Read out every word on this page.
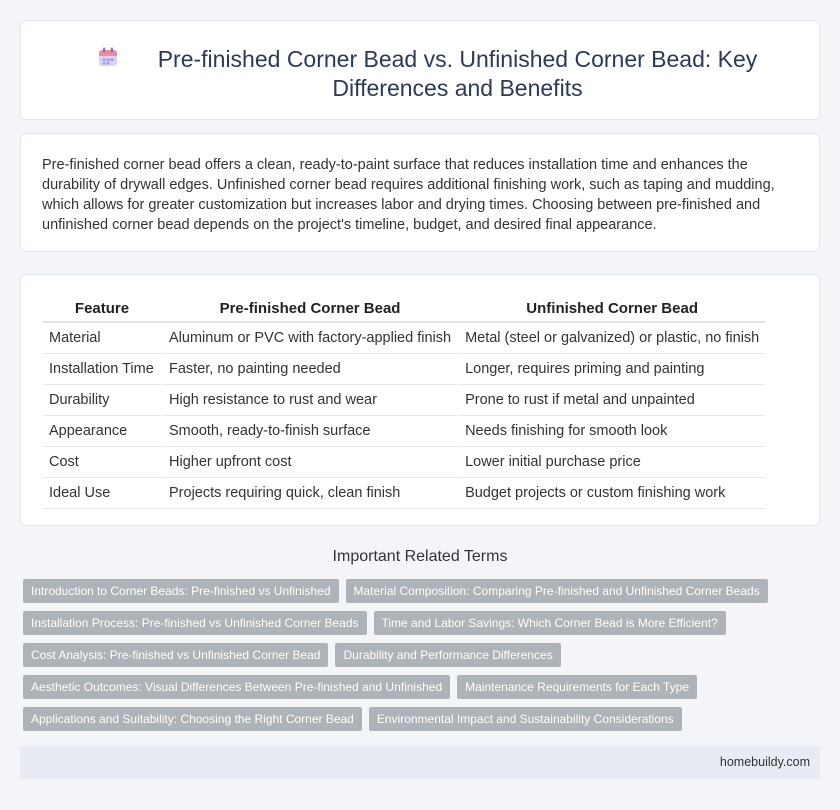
Pre-finished Corner Bead vs. Unfinished Corner Bead: Key Differences and Benefits

Pre-finished corner bead offers a clean, ready-to-paint surface that reduces installation time and enhances the durability of drywall edges. Unfinished corner bead requires additional finishing work, such as taping and mudding, which allows for greater customization but increases labor and drying times. Choosing between pre-finished and unfinished corner bead depends on the project's timeline, budget, and desired final appearance.

Feature	Pre-finished Corner Bead	Unfinished Corner Bead
Material	Aluminum or PVC with factory-applied finish	Metal (steel or galvanized) or plastic, no finish
Installation Time	Faster, no painting needed	Longer, requires priming and painting
Durability	High resistance to rust and wear	Prone to rust if metal and unpainted
Appearance	Smooth, ready-to-finish surface	Needs finishing for smooth look
Cost	Higher upfront cost	Lower initial purchase price
Ideal Use	Projects requiring quick, clean finish	Budget projects or custom finishing work
Important Related Terms
Introduction to Corner Beads: Pre-finished vs Unfinished	Material Composition: Comparing Pre-finished and Unfinished Corner Beads
Installation Process: Pre-finished vs Unfinished Corner Beads	Time and Labor Savings: Which Corner Bead is More Efficient?
Cost Analysis: Pre-finished vs Unfinished Corner Bead	Durability and Performance Differences
Aesthetic Outcomes: Visual Differences Between Pre-finished and Unfinished	Maintenance Requirements for Each Type
Applications and Suitability: Choosing the Right Corner Bead	Environmental Impact and Sustainability Considerations
homebuildy.com
